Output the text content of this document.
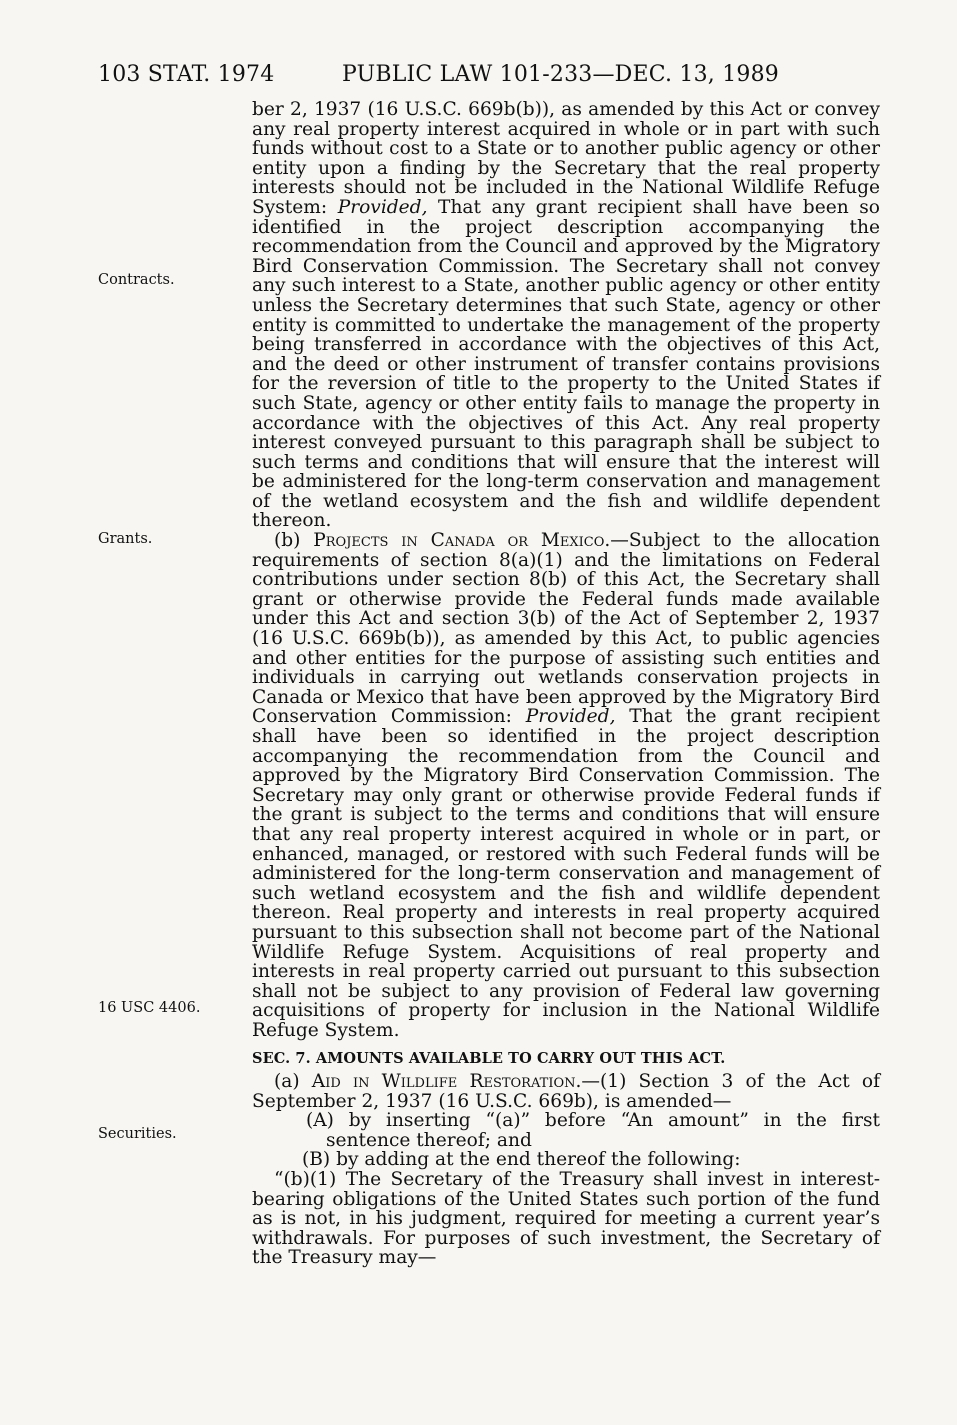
103 STAT. 1974	PUBLIC LAW 101-233—DEC. 13, 1989
Contracts.
Grants.
16 USC 4406.
Securities.

ber 2, 1937 (16 U.S.C. 669b(b)), as amended by this Act or convey any real property interest acquired in whole or in part with such funds without cost to a State or to another public agency or other entity upon a finding by the Secretary that the real property interests should not be included in the National Wildlife Refuge System: Provided, That any grant recipient shall have been so identified in the project description accompanying the recommendation from the Council and approved by the Migratory Bird Conservation Commission. The Secretary shall not convey any such interest to a State, another public agency or other entity unless the Secretary determines that such State, agency or other entity is committed to undertake the management of the property being transferred in accordance with the objectives of this Act, and the deed or other instrument of transfer contains provisions for the reversion of title to the property to the United States if such State, agency or other entity fails to manage the property in accordance with the objectives of this Act. Any real property interest conveyed pursuant to this paragraph shall be subject to such terms and conditions that will ensure that the interest will be administered for the long-term conservation and management of the wetland ecosystem and the fish and wildlife dependent thereon.

(b) Projects in Canada or Mexico.—Subject to the allocation requirements of section 8(a)(1) and the limitations on Federal contributions under section 8(b) of this Act, the Secretary shall grant or otherwise provide the Federal funds made available under this Act and section 3(b) of the Act of September 2, 1937 (16 U.S.C. 669b(b)), as amended by this Act, to public agencies and other entities for the purpose of assisting such entities and individuals in carrying out wetlands conservation projects in Canada or Mexico that have been approved by the Migratory Bird Conservation Commission: Provided, That the grant recipient shall have been so identified in the project description accompanying the recommendation from the Council and approved by the Migratory Bird Conservation Commission. The Secretary may only grant or otherwise provide Federal funds if the grant is subject to the terms and conditions that will ensure that any real property interest acquired in whole or in part, or enhanced, managed, or restored with such Federal funds will be administered for the long-term conservation and management of such wetland ecosystem and the fish and wildlife dependent thereon. Real property and interests in real property acquired pursuant to this subsection shall not become part of the National Wildlife Refuge System. Acquisitions of real property and interests in real property carried out pursuant to this subsection shall not be subject to any provision of Federal law governing acquisitions of property for inclusion in the National Wildlife Refuge System.

SEC. 7. AMOUNTS AVAILABLE TO CARRY OUT THIS ACT.

(a) Aid in Wildlife Restoration.—(1) Section 3 of the Act of September 2, 1937 (16 U.S.C. 669b), is amended—

(A) by inserting “(a)” before “An amount” in the first sentence thereof; and

(B) by adding at the end thereof the following:

“(b)(1) The Secretary of the Treasury shall invest in interest-bearing obligations of the United States such portion of the fund as is not, in his judgment, required for meeting a current year’s withdrawals. For purposes of such investment, the Secretary of the Treasury may—
